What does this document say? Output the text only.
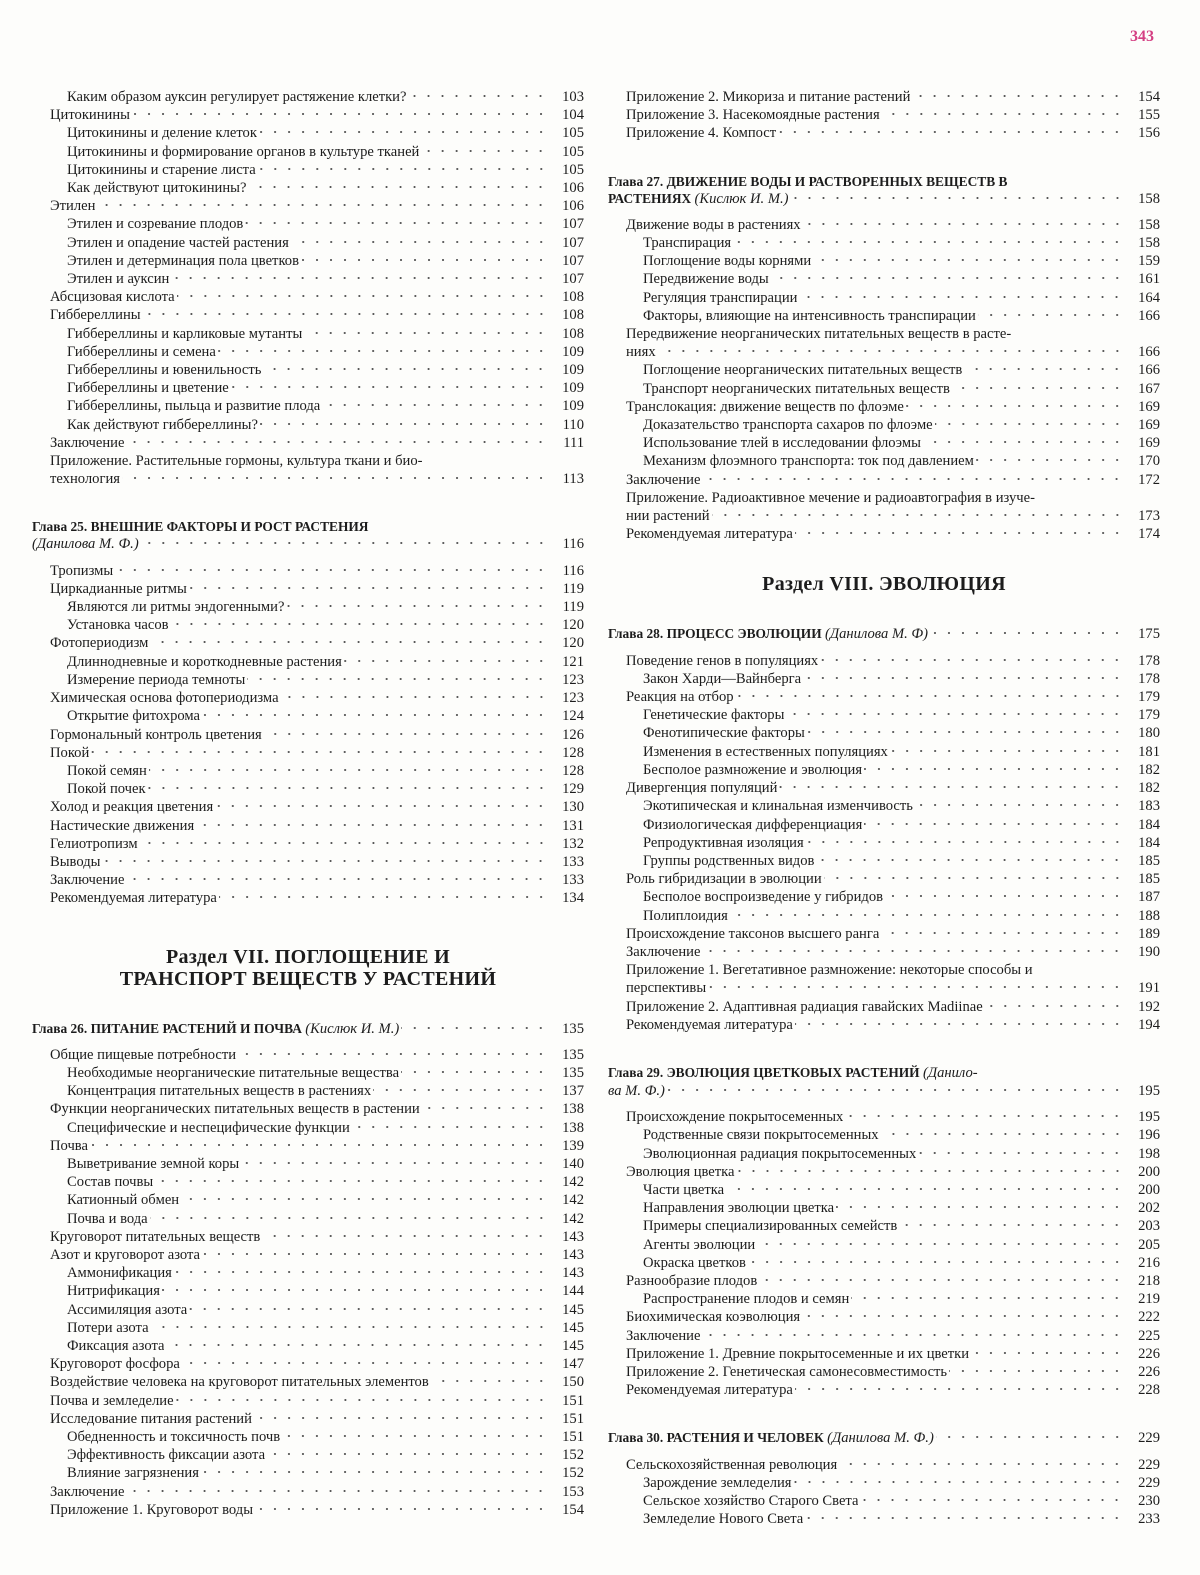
343
Каким образом ауксин регулирует растяжение клетки?	103
Цитокинины	104
Цитокинины и деление клеток	105
Цитокинины и формирование органов в культуре тканей	105
Цитокинины и старение листа	105
Как действуют цитокинины?	106
Этилен	106
Этилен и созревание плодов	107
Этилен и опадение частей растения	107
Этилен и детерминация пола цветков	107
Этилен и ауксин	107
Абсцизовая кислота	108
Гиббереллины	108
Гиббереллины и карликовые мутанты	108
Гиббереллины и семена	109
Гиббереллины и ювенильность	109
Гиббереллины и цветение	109
Гиббереллины, пыльца и развитие плода	109
Как действуют гиббереллины?	110
Заключение	111
Приложение. Растительные гормоны, культура ткани и био-
технология	113
Глава 25. ВНЕШНИЕ ФАКТОРЫ И РОСТ РАСТЕНИЯ
(Данилова М. Ф.)	116
Тропизмы	116
Циркадианные ритмы	119
Являются ли ритмы эндогенными?	119
Установка часов	120
Фотопериодизм	120
Длиннодневные и короткодневные растения	121
Измерение периода темноты	123
Химическая основа фотопериодизма	123
Открытие фитохрома	124
Гормональный контроль цветения	126
Покой	128
Покой семян	128
Покой почек	129
Холод и реакция цветения	130
Настические движения	131
Гелиотропизм	132
Выводы	133
Заключение	133
Рекомендуемая литература	134
Раздел VII. ПОГЛОЩЕНИЕ И
ТРАНСПОРТ ВЕЩЕСТВ У РАСТЕНИЙ
Глава 26. ПИТАНИЕ РАСТЕНИЙ И ПОЧВА (Кислюк И. М.)	135
Общие пищевые потребности	135
Необходимые неорганические питательные вещества	135
Концентрация питательных веществ в растениях	137
Функции неорганических питательных веществ в растении	138
Специфические и неспецифические функции	138
Почва	139
Выветривание земной коры	140
Состав почвы	142
Катионный обмен	142
Почва и вода	142
Круговорот питательных веществ	143
Азот и круговорот азота	143
Аммонификация	143
Нитрификация	144
Ассимиляция азота	145
Потери азота	145
Фиксация азота	145
Круговорот фосфора	147
Воздействие человека на круговорот питательных элементов	150
Почва и земледелие	151
Исследование питания растений	151
Обедненность и токсичность почв	151
Эффективность фиксации азота	152
Влияние загрязнения	152
Заключение	153
Приложение 1. Круговорот воды	154
Приложение 2. Микориза и питание растений	154
Приложение 3. Насекомоядные растения	155
Приложение 4. Компост	156
Глава 27. ДВИЖЕНИЕ ВОДЫ И РАСТВОРЕННЫХ ВЕЩЕСТВ В
РАСТЕНИЯХ (Кислюк И. М.)	158
Движение воды в растениях	158
Транспирация	158
Поглощение воды корнями	159
Передвижение воды	161
Регуляция транспирации	164
Факторы, влияющие на интенсивность транспирации	166
Передвижение неорганических питательных веществ в расте-
ниях	166
Поглощение неорганических питательных веществ	166
Транспорт неорганических питательных веществ	167
Транслокация: движение веществ по флоэме	169
Доказательство транспорта сахаров по флоэме	169
Использование тлей в исследовании флоэмы	169
Механизм флоэмного транспорта: ток под давлением	170
Заключение	172
Приложение. Радиоактивное мечение и радиоавтография в изуче-
нии растений	173
Рекомендуемая литература	174
Раздел VIII. ЭВОЛЮЦИЯ
Глава 28. ПРОЦЕСС ЭВОЛЮЦИИ (Данилова М. Ф)	175
Поведение генов в популяциях	178
Закон Харди—Вайнберга	178
Реакция на отбор	179
Генетические факторы	179
Фенотипические факторы	180
Изменения в естественных популяциях	181
Бесполое размножение и эволюция	182
Дивергенция популяций	182
Экотипическая и клинальная изменчивость	183
Физиологическая дифференциация	184
Репродуктивная изоляция	184
Группы родственных видов	185
Роль гибридизации в эволюции	185
Бесполое воспроизведение у гибридов	187
Полиплоидия	188
Происхождение таксонов высшего ранга	189
Заключение	190
Приложение 1. Вегетативное размножение: некоторые способы и
перспективы	191
Приложение 2. Адаптивная радиация гавайских Madiinae	192
Рекомендуемая литература	194
Глава 29. ЭВОЛЮЦИЯ ЦВЕТКОВЫХ РАСТЕНИЙ (Данило-
ва М. Ф.)	195
Происхождение покрытосеменных	195
Родственные связи покрытосеменных	196
Эволюционная радиация покрытосеменных	198
Эволюция цветка	200
Части цветка	200
Направления эволюции цветка	202
Примеры специализированных семейств	203
Агенты эволюции	205
Окраска цветков	216
Разнообразие плодов	218
Распространение плодов и семян	219
Биохимическая коэволюция	222
Заключение	225
Приложение 1. Древние покрытосеменные и их цветки	226
Приложение 2. Генетическая самонесовместимость	226
Рекомендуемая литература	228
Глава 30. РАСТЕНИЯ И ЧЕЛОВЕК (Данилова М. Ф.)	229
Сельскохозяйственная революция	229
Зарождение земледелия	229
Сельское хозяйство Старого Света	230
Земледелие Нового Света	233
